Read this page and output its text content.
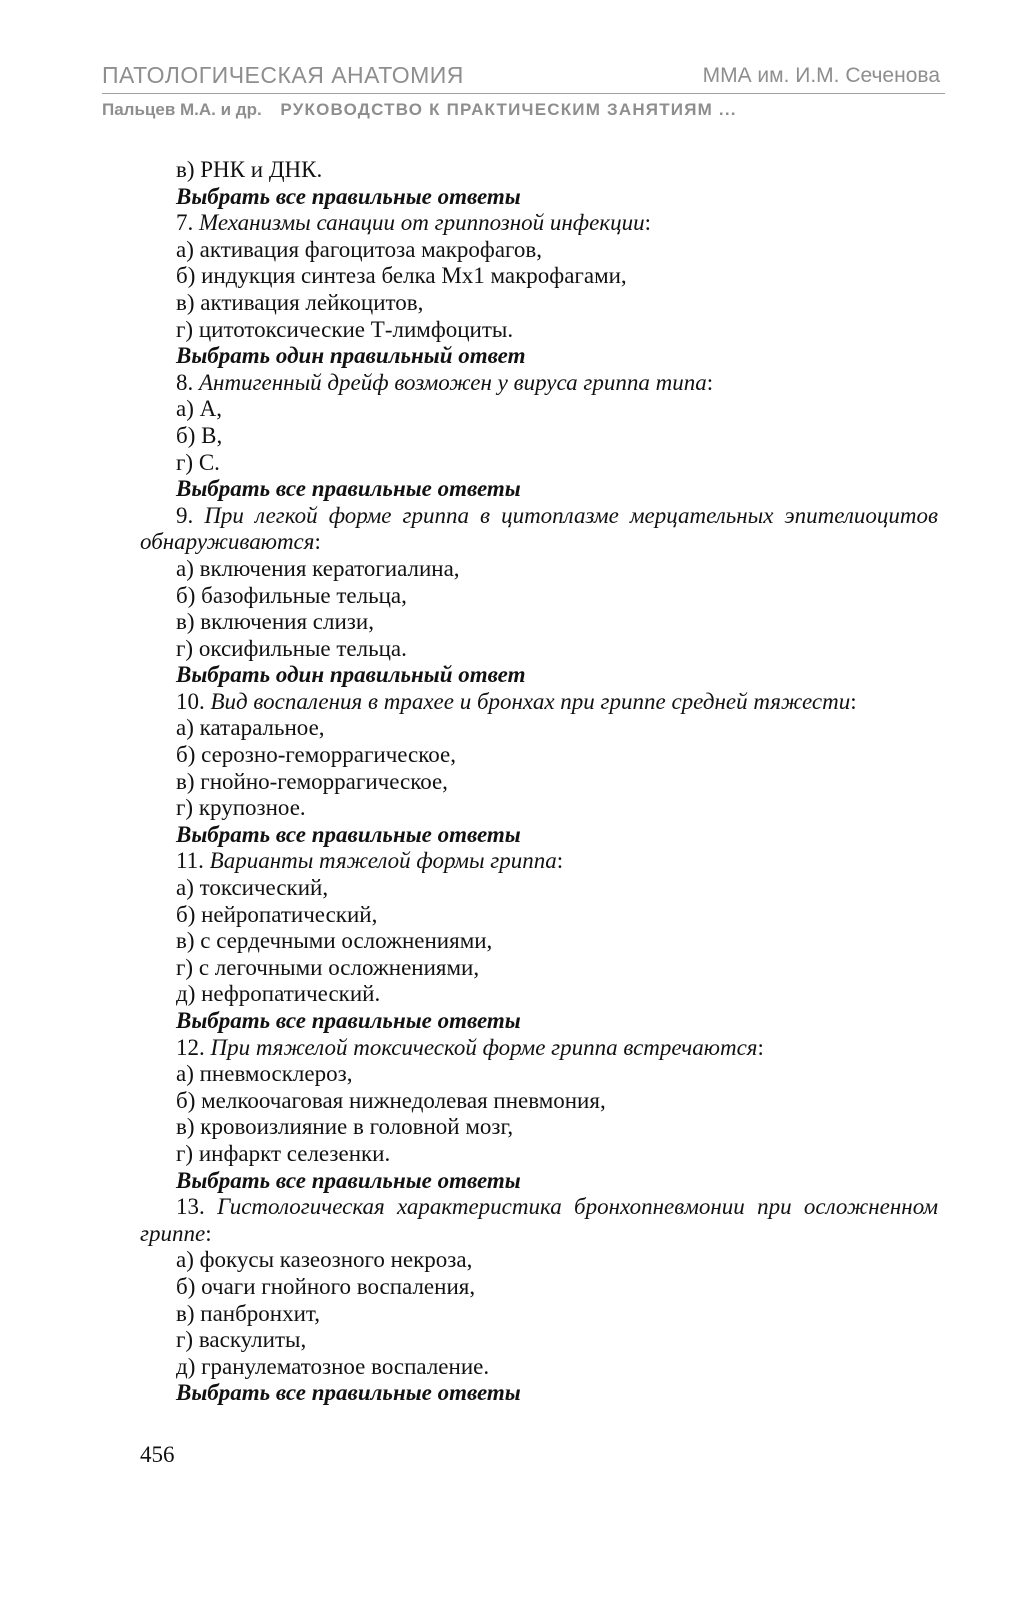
ПАТОЛОГИЧЕСКАЯ АНАТОМИЯ	ММА им. И.М. Сеченова
Пальцев М.А. и др. РУКОВОДСТВО К ПРАКТИЧЕСКИМ ЗАНЯТИЯМ ...
в) РНК и ДНК.
Выбрать все правильные ответы
7. Механизмы санации от гриппозной инфекции:
а) активация фагоцитоза макрофагов,
б) индукция синтеза белка Mx1 макрофагами,
в) активация лейкоцитов,
г) цитотоксические Т-лимфоциты.
Выбрать один правильный ответ
8. Антигенный дрейф возможен у вируса гриппа типа:
а) А,
б) В,
г) С.
Выбрать все правильные ответы
9. При легкой форме гриппа в цитоплазме мерцательных эпителиоцитов обнаруживаются:
а) включения кератогиалина,
б) базофильные тельца,
в) включения слизи,
г) оксифильные тельца.
Выбрать один правильный ответ
10. Вид воспаления в трахее и бронхах при гриппе средней тяжести:
а) катаральное,
б) серозно-геморрагическое,
в) гнойно-геморрагическое,
г) крупозное.
Выбрать все правильные ответы
11. Варианты тяжелой формы гриппа:
а) токсический,
б) нейропатический,
в) с сердечными осложнениями,
г) с легочными осложнениями,
д) нефропатический.
Выбрать все правильные ответы
12. При тяжелой токсической форме гриппа встречаются:
а) пневмосклероз,
б) мелкоочаговая нижнедолевая пневмония,
в) кровоизлияние в головной мозг,
г) инфаркт селезенки.
Выбрать все правильные ответы
13. Гистологическая характеристика бронхопневмонии при осложненном гриппе:
а) фокусы казеозного некроза,
б) очаги гнойного воспаления,
в) панбронхит,
г) васкулиты,
д) гранулематозное воспаление.
Выбрать все правильные ответы
456
